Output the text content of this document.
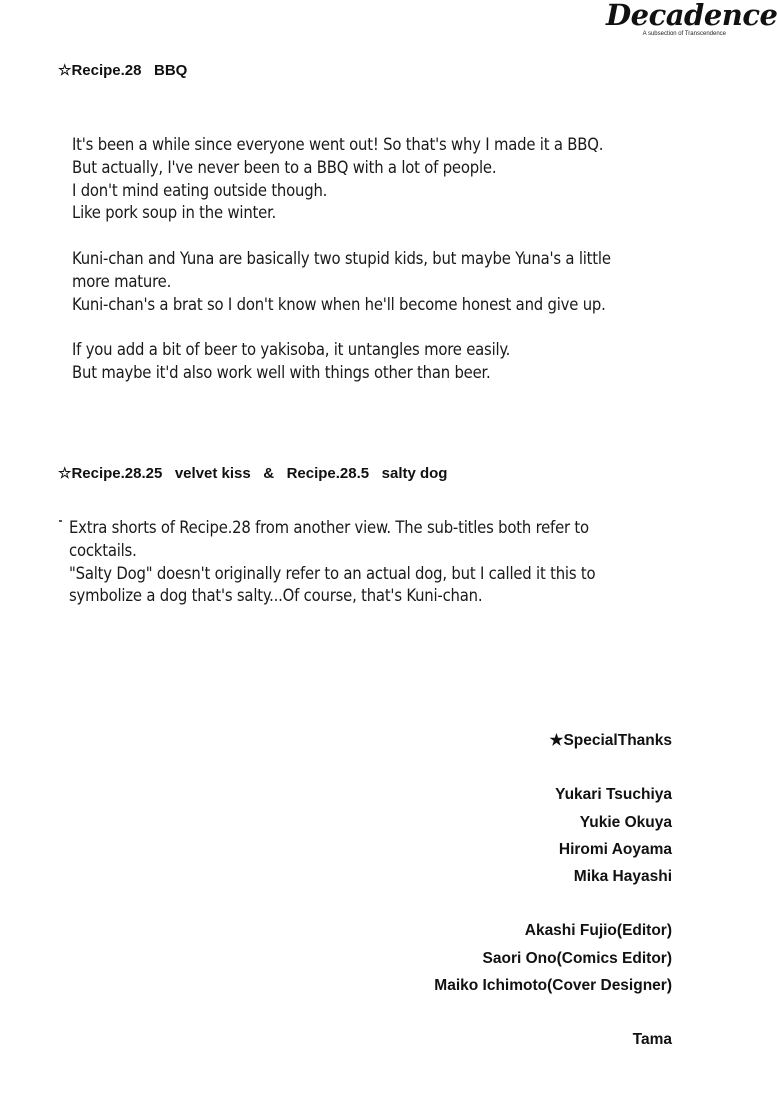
Decadence
A subsection of Transcendence
☆Recipe.28   BBQ

It's been a while since everyone went out! So that's why I made it a BBQ.

But actually, I've never been to a BBQ with a lot of people.

I don't mind eating outside though.

Like pork soup in the winter.

Kuni-chan and Yuna are basically two stupid kids, but maybe Yuna's a little more mature.

Kuni-chan's a brat so I don't know when he'll become honest and give up.

If you add a bit of beer to yakisoba, it untangles more easily.

But maybe it'd also work well with things other than beer.

☆Recipe.28.25   velvet kiss   &   Recipe.28.5   salty dog

Extra shorts of Recipe.28 from another view. The sub-titles both refer to cocktails.

"Salty Dog" doesn't originally refer to an actual dog, but I called it this to symbolize a dog that's salty...Of course, that's Kuni-chan.

★SpecialThanks
Yukari Tsuchiya
Yukie Okuya
Hiromi Aoyama
Mika Hayashi
Akashi Fujio(Editor)
Saori Ono(Comics Editor)
Maiko Ichimoto(Cover Designer)
Tama
